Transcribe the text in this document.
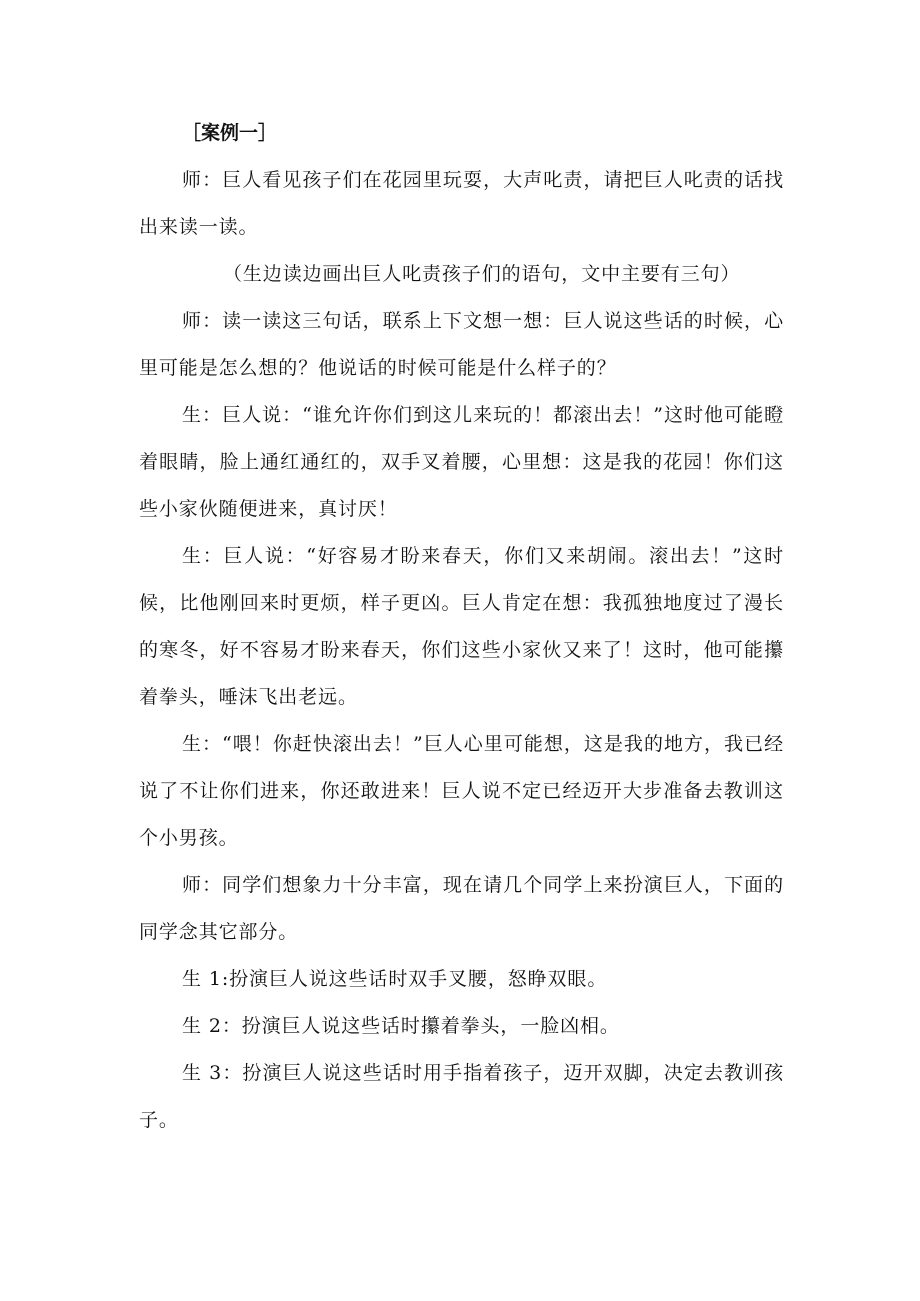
［案例一］

师：巨人看见孩子们在花园里玩耍，大声叱责，请把巨人叱责的话找出来读一读。

（生边读边画出巨人叱责孩子们的语句，文中主要有三句）

师：读一读这三句话，联系上下文想一想：巨人说这些话的时候，心里可能是怎么想的？他说话的时候可能是什么样子的？

生：巨人说：“谁允许你们到这儿来玩的！都滚出去！”这时他可能瞪着眼睛，脸上通红通红的，双手叉着腰，心里想：这是我的花园！你们这些小家伙随便进来，真讨厌！

生：巨人说：“好容易才盼来春天，你们又来胡闹。滚出去！”这时候，比他刚回来时更烦，样子更凶。巨人肯定在想：我孤独地度过了漫长的寒冬，好不容易才盼来春天，你们这些小家伙又来了！这时，他可能攥着拳头，唾沫飞出老远。

生：“喂！你赶快滚出去！”巨人心里可能想，这是我的地方，我已经说了不让你们进来，你还敢进来！巨人说不定已经迈开大步准备去教训这个小男孩。

师：同学们想象力十分丰富，现在请几个同学上来扮演巨人，下面的同学念其它部分。

生 1:扮演巨人说这些话时双手叉腰，怒睁双眼。

生 2：扮演巨人说这些话时攥着拳头，一脸凶相。

生 3：扮演巨人说这些话时用手指着孩子，迈开双脚，决定去教训孩子。
